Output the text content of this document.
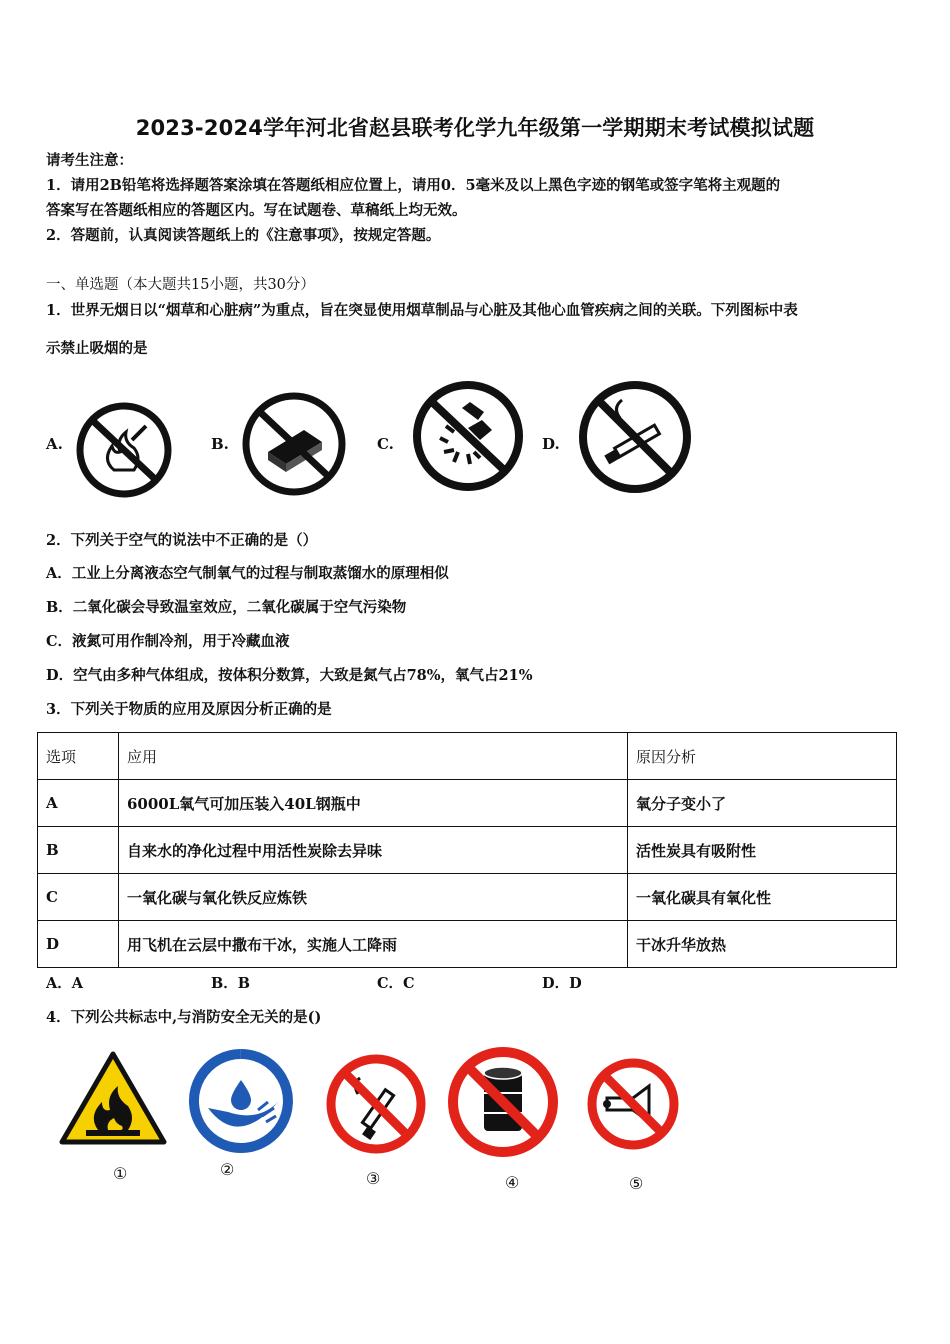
2023-2024学年河北省赵县联考化学九年级第一学期期末考试模拟试题
请考生注意：
1．请用2B铅笔将选择题答案涂填在答题纸相应位置上，请用0．5毫米及以上黑色字迹的钢笔或签字笔将主观题的
答案写在答题纸相应的答题区内。写在试题卷、草稿纸上均无效。
2．答题前，认真阅读答题纸上的《注意事项》，按规定答题。
一、单选题（本大题共15小题，共30分）
1．世界无烟日以“烟草和心脏病”为重点，旨在突显使用烟草制品与心脏及其他心血管疾病之间的关联。下列图标中表
示禁止吸烟的是
A.	B.	C.	D.
2．下列关于空气的说法中不正确的是（）
A．工业上分离液态空气制氧气的过程与制取蒸馏水的原理相似
B．二氧化碳会导致温室效应，二氧化碳属于空气污染物
C．液氮可用作制冷剂，用于冷藏血液
D．空气由多种气体组成，按体积分数算，大致是氮气占78%，氧气占21%
3．下列关于物质的应用及原因分析正确的是
选项	应用	原因分析
A	6000L氧气可加压装入40L钢瓶中	氧分子变小了
B	自来水的净化过程中用活性炭除去异味	活性炭具有吸附性
C	一氧化碳与氧化铁反应炼铁	一氧化碳具有氧化性
D	用飞机在云层中撒布干冰，实施人工降雨	干冰升华放热
A．A	B．B	C．C	D．D
4．下列公共标志中,与消防安全无关的是()
①	②	③	④	⑤
